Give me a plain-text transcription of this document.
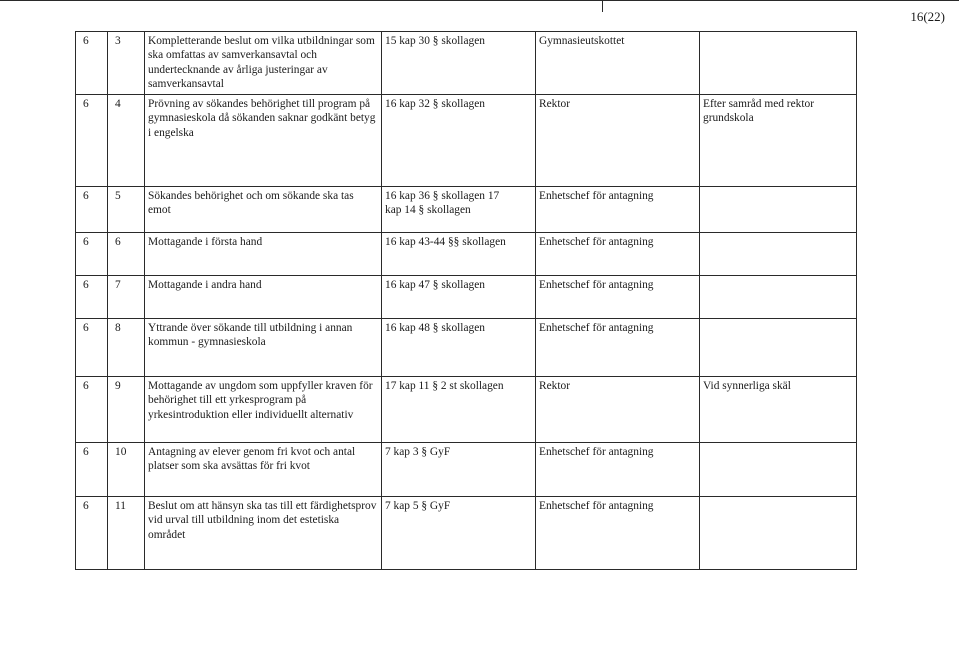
16(22)
6	3	Kompletterande beslut om vilka utbildningar som ska omfattas av samverkansavtal och undertecknande av årliga justeringar av samverkansavtal	15 kap 30 § skollagen	Gymnasieutskottet	
6	4	Prövning av sökandes behörighet till program på gymnasieskola då sökanden saknar godkänt betyg i engelska	16 kap 32 § skollagen	Rektor	Efter samråd med rektor grundskola
6	5	Sökandes behörighet och om sökande ska tas emot	16 kap 36 § skollagen 17 kap 14 § skollagen	Enhetschef för antagning	
6	6	Mottagande i första hand	16 kap 43-44 §§ skollagen	Enhetschef för antagning	
6	7	Mottagande i andra hand	16 kap 47 § skollagen	Enhetschef för antagning	
6	8	Yttrande över sökande till utbildning i annan kommun - gymnasieskola	16 kap 48 § skollagen	Enhetschef för antagning	
6	9	Mottagande av ungdom som uppfyller kraven för behörighet till ett yrkesprogram på yrkesintroduktion eller individuellt alternativ	17 kap 11 § 2 st skollagen	Rektor	Vid synnerliga skäl
6	10	Antagning av elever genom fri kvot och antal platser som ska avsättas för fri kvot	7 kap 3 § GyF	Enhetschef för antagning	
6	11	Beslut om att hänsyn ska tas till ett färdighetsprov vid urval till utbildning inom det estetiska området	7 kap 5 § GyF	Enhetschef för antagning	
